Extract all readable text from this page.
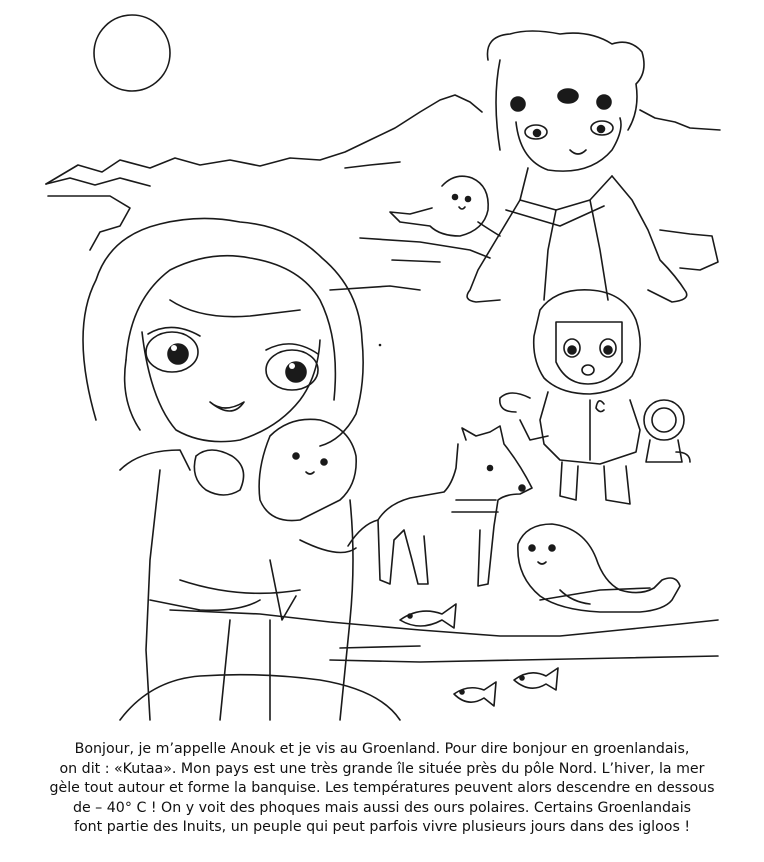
Bonjour, je m’appelle Anouk et je vis au Groenland. Pour dire bonjour en groenlandais,
on dit : «Kutaa». Mon pays est une très grande île située près du pôle Nord. L’hiver, la mer
gèle tout autour et forme la banquise. Les températures peuvent alors descendre en dessous
de – 40° C ! On y voit des phoques mais aussi des ours polaires. Certains Groenlandais
font partie des Inuits, un peuple qui peut parfois vivre plusieurs jours dans des igloos !
